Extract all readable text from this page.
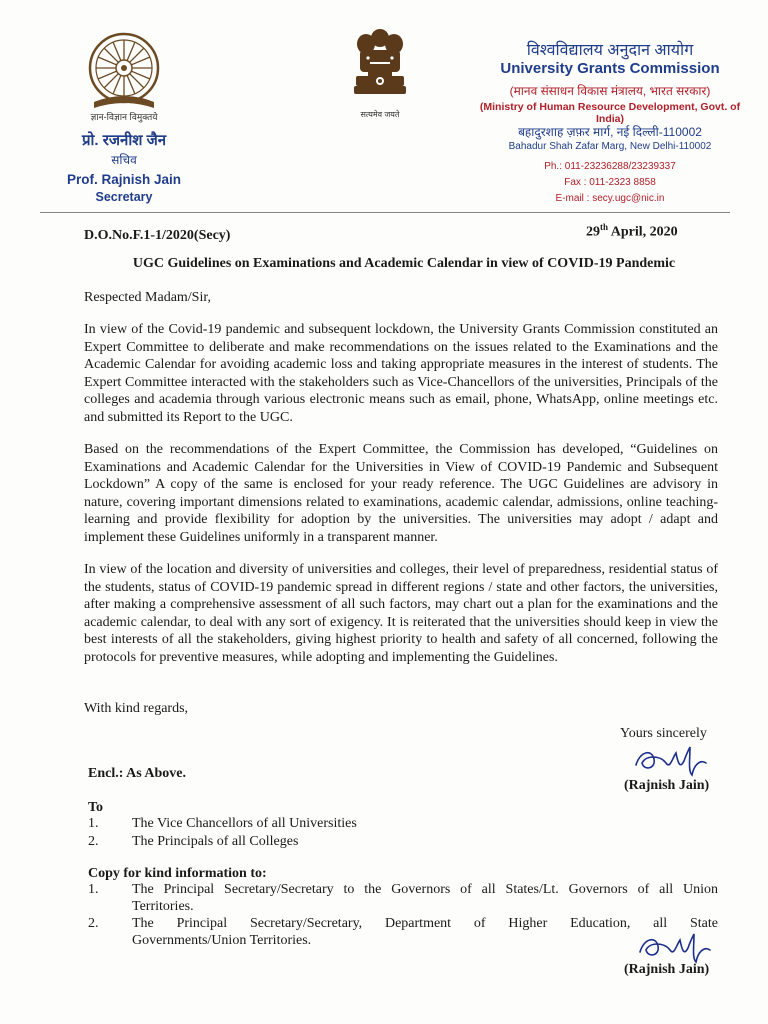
ज्ञान-विज्ञान विमुक्तये
प्रो. रजनीश जैन
सचिव
Prof. Rajnish Jain
Secretary
सत्यमेव जयते
विश्वविद्यालय अनुदान आयोग
University Grants Commission
(मानव संसाधन विकास मंत्रालय, भारत सरकार)
(Ministry of Human Resource Development, Govt. of India)
बहादुरशाह ज़फ़र मार्ग, नई दिल्ली-110002
Bahadur Shah Zafar Marg, New Delhi-110002
Ph.: 011-23236288/23239337
Fax : 011-2323 8858
E-mail : secy.ugc@nic.in
D.O.No.F.1-1/2020(Secy)	29th April, 2020
UGC Guidelines on Examinations and Academic Calendar in view of COVID-19 Pandemic
Respected Madam/Sir,
In view of the Covid-19 pandemic and subsequent lockdown, the University Grants Commission constituted an Expert Committee to deliberate and make recommendations on the issues related to the Examinations and the Academic Calendar for avoiding academic loss and taking appropriate measures in the interest of students. The Expert Committee interacted with the stakeholders such as Vice-Chancellors of the universities, Principals of the colleges and academia through various electronic means such as email, phone, WhatsApp, online meetings etc. and submitted its Report to the UGC.
Based on the recommendations of the Expert Committee, the Commission has developed, “Guidelines on Examinations and Academic Calendar for the Universities in View of COVID-19 Pandemic and Subsequent Lockdown” A copy of the same is enclosed for your ready reference. The UGC Guidelines are advisory in nature, covering important dimensions related to examinations, academic calendar, admissions, online teaching-learning and provide flexibility for adoption by the universities. The universities may adopt / adapt and implement these Guidelines uniformly in a transparent manner.
In view of the location and diversity of universities and colleges, their level of preparedness, residential status of the students, status of COVID-19 pandemic spread in different regions / state and other factors, the universities, after making a comprehensive assessment of all such factors, may chart out a plan for the examinations and the academic calendar, to deal with any sort of exigency. It is reiterated that the universities should keep in view the best interests of all the stakeholders, giving highest priority to health and safety of all concerned, following the protocols for preventive measures, while adopting and implementing the Guidelines.
With kind regards,
Yours sincerely
(Rajnish Jain)
Encl.: As Above.
To
1.	The Vice Chancellors of all Universities
2.	The Principals of all Colleges
Copy for kind information to:
1.	The Principal Secretary/Secretary to the Governors of all States/Lt. Governors of all Union
Territories.
2.	The Principal Secretary/Secretary, Department of Higher Education, all State
Governments/Union Territories.
(Rajnish Jain)
